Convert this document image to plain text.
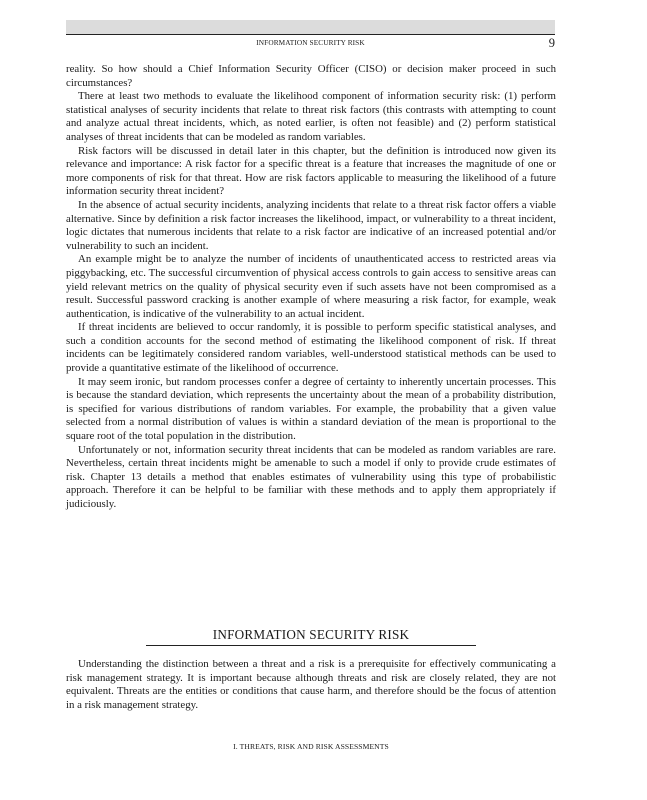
INFORMATION SECURITY RISK	9

reality. So how should a Chief Information Security Officer (CISO) or decision maker proceed in such circumstances?

There at least two methods to evaluate the likelihood component of information security risk: (1) perform statistical analyses of security incidents that relate to threat risk factors (this contrasts with attempting to count and analyze actual threat incidents, which, as noted earlier, is often not feasible) and (2) perform statistical analyses of threat incidents that can be modeled as random variables.

Risk factors will be discussed in detail later in this chapter, but the definition is introduced now given its relevance and importance: A risk factor for a specific threat is a feature that increases the magnitude of one or more components of risk for that threat. How are risk factors applicable to measuring the likelihood of a future information security threat incident?

In the absence of actual security incidents, analyzing incidents that relate to a threat risk factor offers a viable alternative. Since by definition a risk factor increases the likelihood, impact, or vulnerability to a threat incident, logic dictates that numerous incidents that relate to a risk factor are indicative of an increased potential and/or vulnerability to such an incident.

An example might be to analyze the number of incidents of unauthenticated access to restricted areas via piggybacking, etc. The successful circumvention of physical access controls to gain access to sensitive areas can yield relevant metrics on the quality of physical security even if such assets have not been compromised as a result. Successful password cracking is another example of where measuring a risk factor, for example, weak authentication, is indicative of the vulnerability to an actual incident.

If threat incidents are believed to occur randomly, it is possible to perform specific statistical analyses, and such a condition accounts for the second method of estimating the likelihood component of risk. If threat incidents can be legitimately considered random variables, well-understood statistical methods can be used to provide a quantitative estimate of the likelihood of occurrence.

It may seem ironic, but random processes confer a degree of certainty to inherently uncertain processes. This is because the standard deviation, which represents the uncertainty about the mean of a probability distribution, is specified for various distributions of random variables. For example, the probability that a given value selected from a normal distribution of values is within a standard deviation of the mean is proportional to the square root of the total population in the distribution.

Unfortunately or not, information security threat incidents that can be modeled as random variables are rare. Nevertheless, certain threat incidents might be amenable to such a model if only to provide crude estimates of risk. Chapter 13 details a method that enables estimates of vulnerability using this type of probabilistic approach. Therefore it can be helpful to be familiar with these methods and to apply them appropriately if judiciously.

INFORMATION SECURITY RISK

Understanding the distinction between a threat and a risk is a prerequisite for effectively communicating a risk management strategy. It is important because although threats and risk are closely related, they are not equivalent. Threats are the entities or conditions that cause harm, and therefore should be the focus of attention in a risk management strategy.

I. THREATS, RISK AND RISK ASSESSMENTS
